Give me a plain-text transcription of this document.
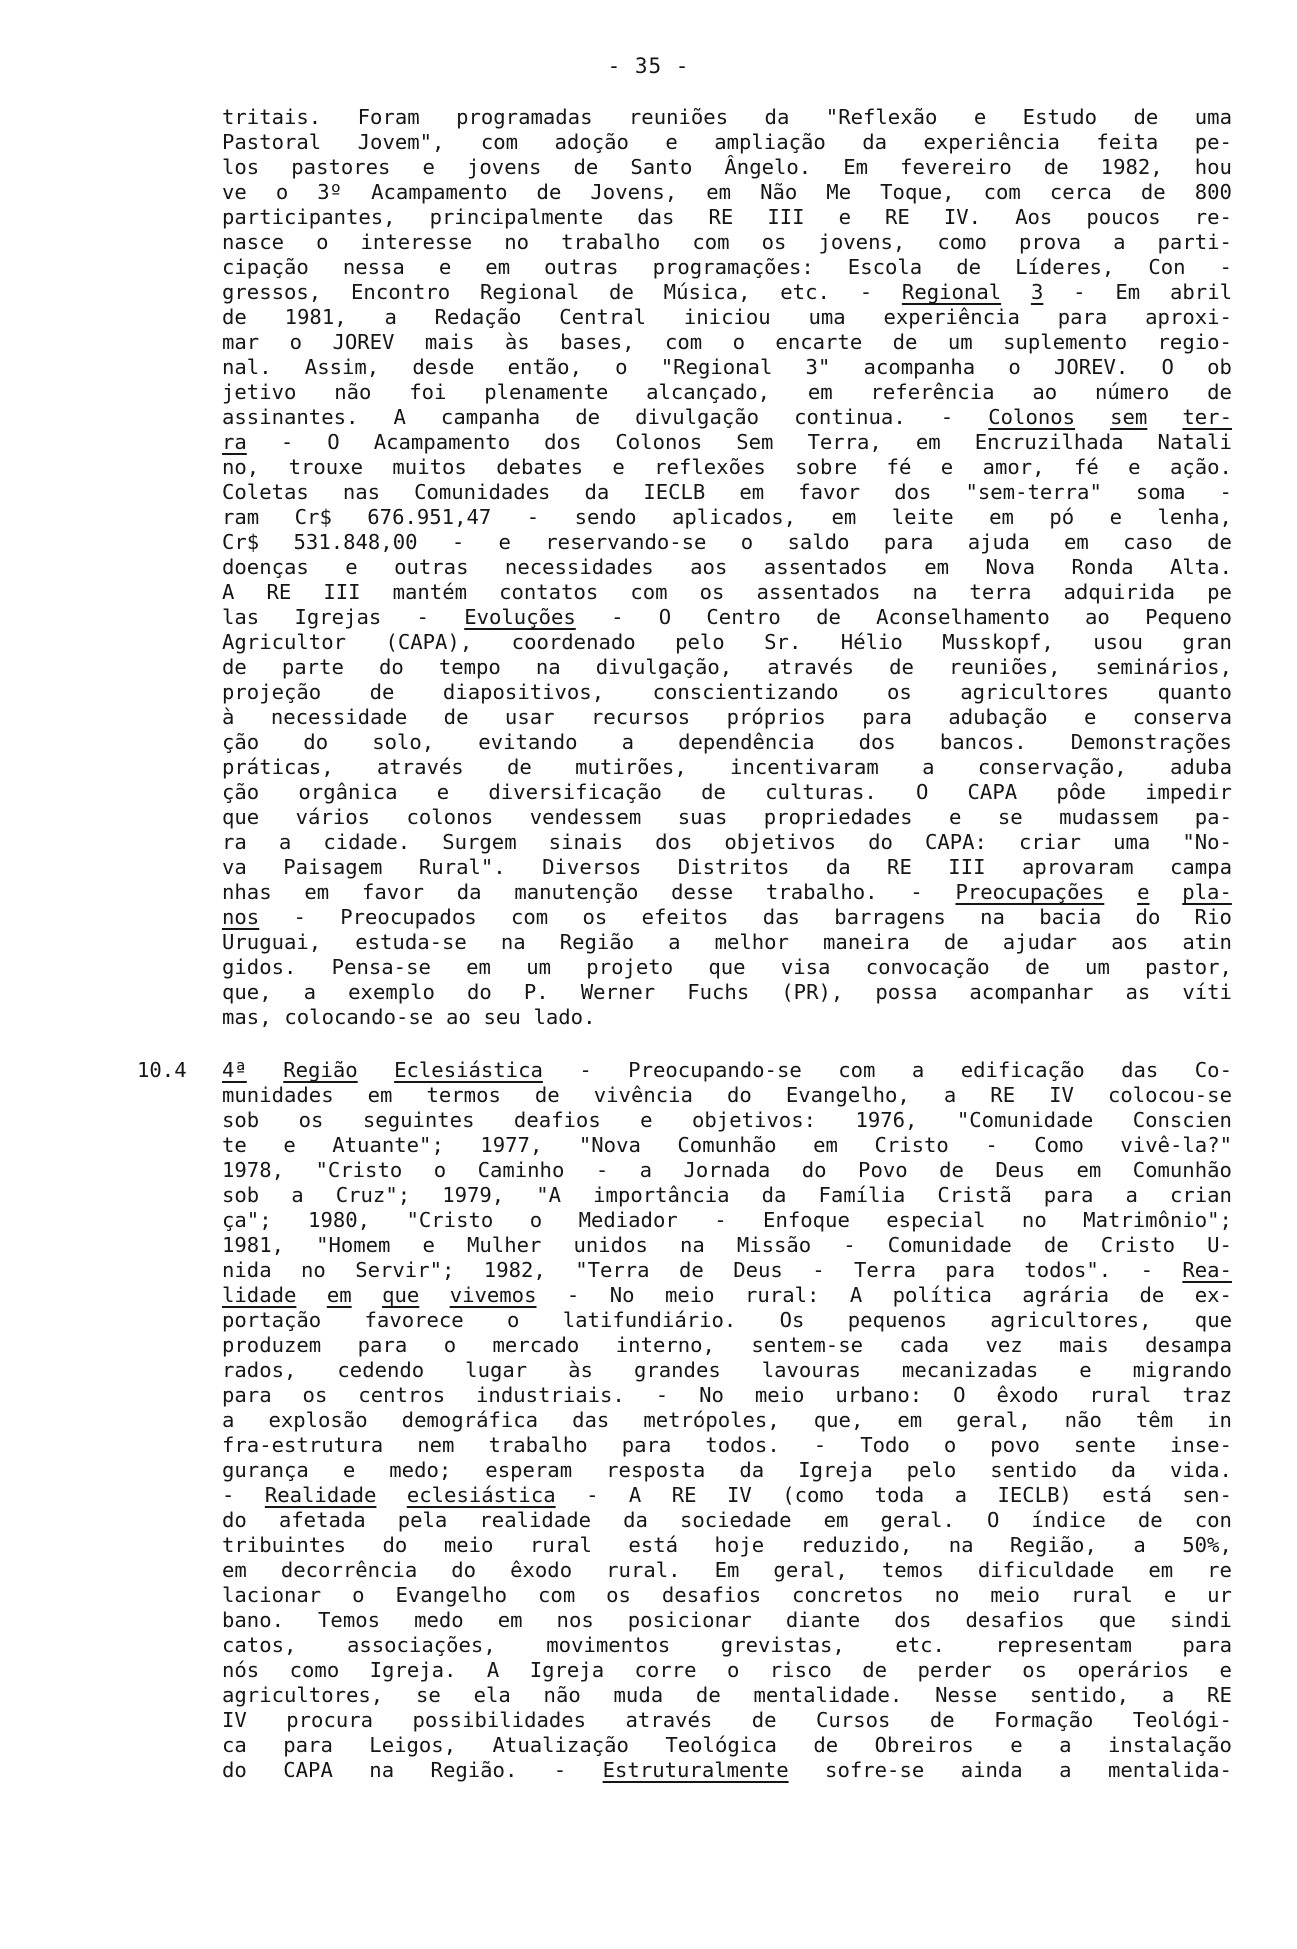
- 35 -
tritais. Foram programadas reuniões da "Reflexão e Estudo de uma
Pastoral Jovem", com adoção e ampliação da experiência feita pe-
los pastores e jovens de Santo Ângelo. Em fevereiro de 1982, hou
ve o 3º Acampamento de Jovens, em Não Me Toque, com cerca de 800
participantes, principalmente das RE III e RE IV. Aos poucos re-
nasce o interesse no trabalho com os jovens, como prova a parti-
cipação nessa e em outras programações: Escola de Líderes, Con -
gressos, Encontro Regional de Música, etc. - Regional 3 - Em abril
de 1981, a Redação Central iniciou uma experiência para aproxi-
mar o JOREV mais às bases, com o encarte de um suplemento regio-
nal. Assim, desde então, o "Regional 3" acompanha o JOREV. O ob
jetivo não foi plenamente alcançado, em referência ao número de
assinantes. A campanha de divulgação continua. - Colonos sem ter-
ra - O Acampamento dos Colonos Sem Terra, em Encruzilhada Natali
no, trouxe muitos debates e reflexões sobre fé e amor, fé e ação.
Coletas nas Comunidades da IECLB em favor dos "sem-terra" soma -
ram Cr$ 676.951,47 - sendo aplicados, em leite em pó e lenha,
Cr$ 531.848,00 - e reservando-se o saldo para ajuda em caso de
doenças e outras necessidades aos assentados em Nova Ronda Alta.
A RE III mantém contatos com os assentados na terra adquirida pe
las Igrejas - Evoluções - O Centro de Aconselhamento ao Pequeno
Agricultor (CAPA), coordenado pelo Sr. Hélio Musskopf, usou gran
de parte do tempo na divulgação, através de reuniões, seminários,
projeção de diapositivos, conscientizando os agricultores quanto
à necessidade de usar recursos próprios para adubação e conserva
ção do solo, evitando a dependência dos bancos. Demonstrações
práticas, através de mutirões, incentivaram a conservação, aduba
ção orgânica e diversificação de culturas. O CAPA pôde impedir
que vários colonos vendessem suas propriedades e se mudassem pa-
ra a cidade. Surgem sinais dos objetivos do CAPA: criar uma "No-
va Paisagem Rural". Diversos Distritos da RE III aprovaram campa
nhas em favor da manutenção desse trabalho. - Preocupações e pla-
nos - Preocupados com os efeitos das barragens na bacia do Rio
Uruguai, estuda-se na Região a melhor maneira de ajudar aos atin
gidos. Pensa-se em um projeto que visa convocação de um pastor,
que, a exemplo do P. Werner Fuchs (PR), possa acompanhar as víti
mas, colocando-se ao seu lado.
10.4 4ª Região Eclesiástica - Preocupando-se com a edificação das Co-
munidades em termos de vivência do Evangelho, a RE IV colocou-se
sob os seguintes deafios e objetivos: 1976, "Comunidade Conscien
te e Atuante"; 1977, "Nova Comunhão em Cristo - Como vivê-la?"
1978, "Cristo o Caminho - a Jornada do Povo de Deus em Comunhão
sob a Cruz"; 1979, "A importância da Família Cristã para a crian
ça"; 1980, "Cristo o Mediador - Enfoque especial no Matrimônio";
1981, "Homem e Mulher unidos na Missão - Comunidade de Cristo U-
nida no Servir"; 1982, "Terra de Deus - Terra para todos". - Rea-
lidade em que vivemos - No meio rural: A política agrária de ex-
portação favorece o latifundiário. Os pequenos agricultores, que
produzem para o mercado interno, sentem-se cada vez mais desampa
rados, cedendo lugar às grandes lavouras mecanizadas e migrando
para os centros industriais. - No meio urbano: O êxodo rural traz
a explosão demográfica das metrópoles, que, em geral, não têm in
fra-estrutura nem trabalho para todos. - Todo o povo sente inse-
gurança e medo; esperam resposta da Igreja pelo sentido da vida.
- Realidade eclesiástica - A RE IV (como toda a IECLB) está sen-
do afetada pela realidade da sociedade em geral. O índice de con
tribuintes do meio rural está hoje reduzido, na Região, a 50%,
em decorrência do êxodo rural. Em geral, temos dificuldade em re
lacionar o Evangelho com os desafios concretos no meio rural e ur
bano. Temos medo em nos posicionar diante dos desafios que sindi
catos, associações, movimentos grevistas, etc. representam para
nós como Igreja. A Igreja corre o risco de perder os operários e
agricultores, se ela não muda de mentalidade. Nesse sentido, a RE
IV procura possibilidades através de Cursos de Formação Teológi-
ca para Leigos, Atualização Teológica de Obreiros e a instalação
do CAPA na Região. - Estruturalmente sofre-se ainda a mentalida-
